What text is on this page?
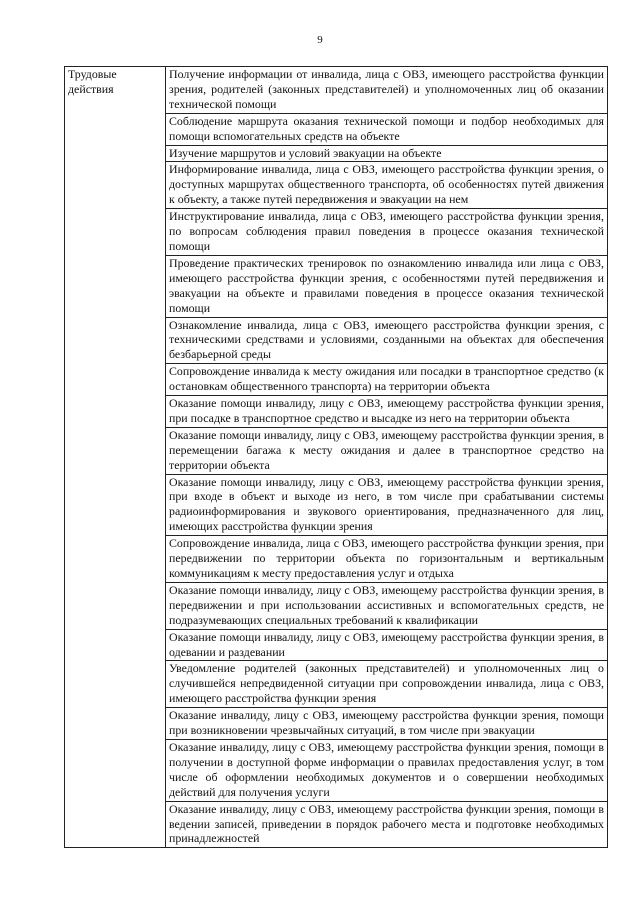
9
Трудовые действия	Получение информации от инвалида, лица с ОВЗ, имеющего расстройства функции зрения, родителей (законных представителей) и уполномоченных лиц об оказании технической помощи
Соблюдение маршрута оказания технической помощи и подбор необходимых для помощи вспомогательных средств на объекте
Изучение маршрутов и условий эвакуации на объекте
Информирование инвалида, лица с ОВЗ, имеющего расстройства функции зрения, о доступных маршрутах общественного транспорта, об особенностях путей движения к объекту, а также путей передвижения и эвакуации на нем
Инструктирование инвалида, лица с ОВЗ, имеющего расстройства функции зрения, по вопросам соблюдения правил поведения в процессе оказания технической помощи
Проведение практических тренировок по ознакомлению инвалида или лица с ОВЗ, имеющего расстройства функции зрения, с особенностями путей передвижения и эвакуации на объекте и правилами поведения в процессе оказания технической помощи
Ознакомление инвалида, лица с ОВЗ, имеющего расстройства функции зрения, с техническими средствами и условиями, созданными на объектах для обеспечения безбарьерной среды
Сопровождение инвалида к месту ожидания или посадки в транспортное средство (к остановкам общественного транспорта) на территории объекта
Оказание помощи инвалиду, лицу с ОВЗ, имеющему расстройства функции зрения, при посадке в транспортное средство и высадке из него на территории объекта
Оказание помощи инвалиду, лицу с ОВЗ, имеющему расстройства функции зрения, в перемещении багажа к месту ожидания и далее в транспортное средство на территории объекта
Оказание помощи инвалиду, лицу с ОВЗ, имеющему расстройства функции зрения, при входе в объект и выходе из него, в том числе при срабатывании системы радиоинформирования и звукового ориентирования, предназначенного для лиц, имеющих расстройства функции зрения
Сопровождение инвалида, лица с ОВЗ, имеющего расстройства функции зрения, при передвижении по территории объекта по горизонтальным и вертикальным коммуникациям к месту предоставления услуг и отдыха
Оказание помощи инвалиду, лицу с ОВЗ, имеющему расстройства функции зрения, в передвижении и при использовании ассистивных и вспомогательных средств, не подразумевающих специальных требований к квалификации
Оказание помощи инвалиду, лицу с ОВЗ, имеющему расстройства функции зрения, в одевании и раздевании
Уведомление родителей (законных представителей) и уполномоченных лиц о случившейся непредвиденной ситуации при сопровождении инвалида, лица с ОВЗ, имеющего расстройства функции зрения
Оказание инвалиду, лицу с ОВЗ, имеющему расстройства функции зрения, помощи при возникновении чрезвычайных ситуаций, в том числе при эвакуации
Оказание инвалиду, лицу с ОВЗ, имеющему расстройства функции зрения, помощи в получении в доступной форме информации о правилах предоставления услуг, в том числе об оформлении необходимых документов и о совершении необходимых действий для получения услуги
Оказание инвалиду, лицу с ОВЗ, имеющему расстройства функции зрения, помощи в ведении записей, приведении в порядок рабочего места и подготовке необходимых принадлежностей
